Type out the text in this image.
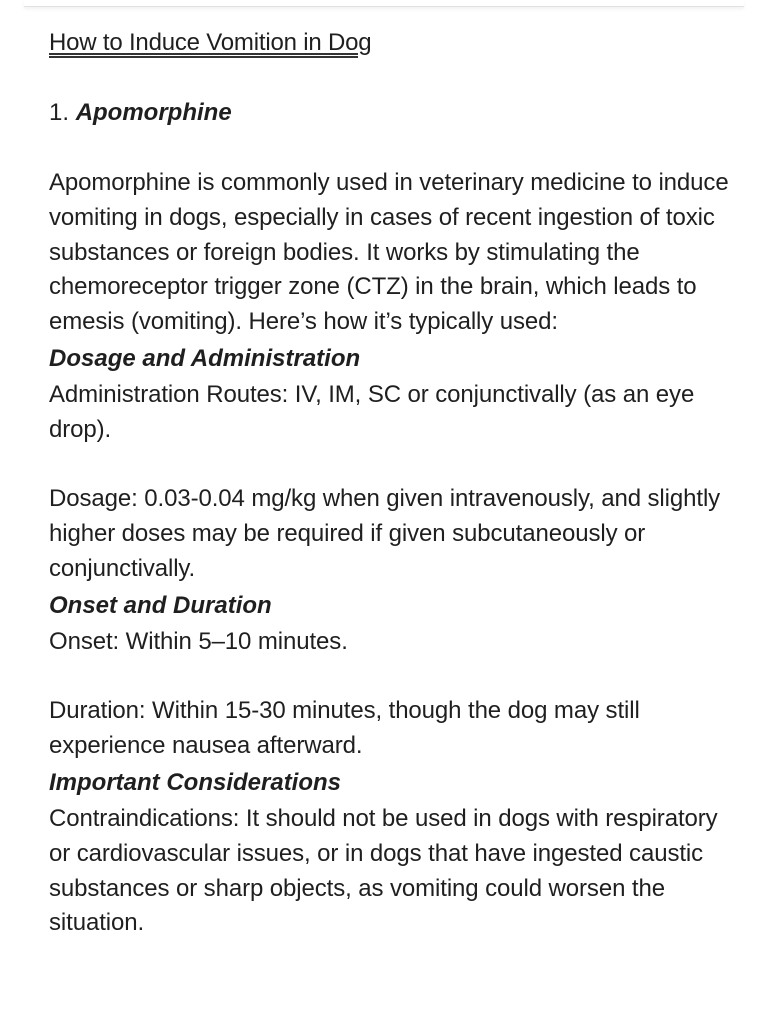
How to Induce Vomition in Dog
1. Apomorphine

Apomorphine is commonly used in veterinary medicine to induce vomiting in dogs, especially in cases of recent ingestion of toxic substances or foreign bodies. It works by stimulating the chemoreceptor trigger zone (CTZ) in the brain, which leads to emesis (vomiting). Here’s how it’s typically used:

Dosage and Administration

Administration Routes: IV, IM, SC or conjunctivally (as an eye drop).

Dosage: 0.03-0.04 mg/kg when given intravenously, and slightly higher doses may be required if given subcutaneously or conjunctivally.

Onset and Duration

Onset: Within 5–10 minutes.

Duration: Within 15-30 minutes, though the dog may still experience nausea afterward.

Important Considerations

Contraindications: It should not be used in dogs with respiratory or cardiovascular issues, or in dogs that have ingested caustic substances or sharp objects, as vomiting could worsen the situation.
